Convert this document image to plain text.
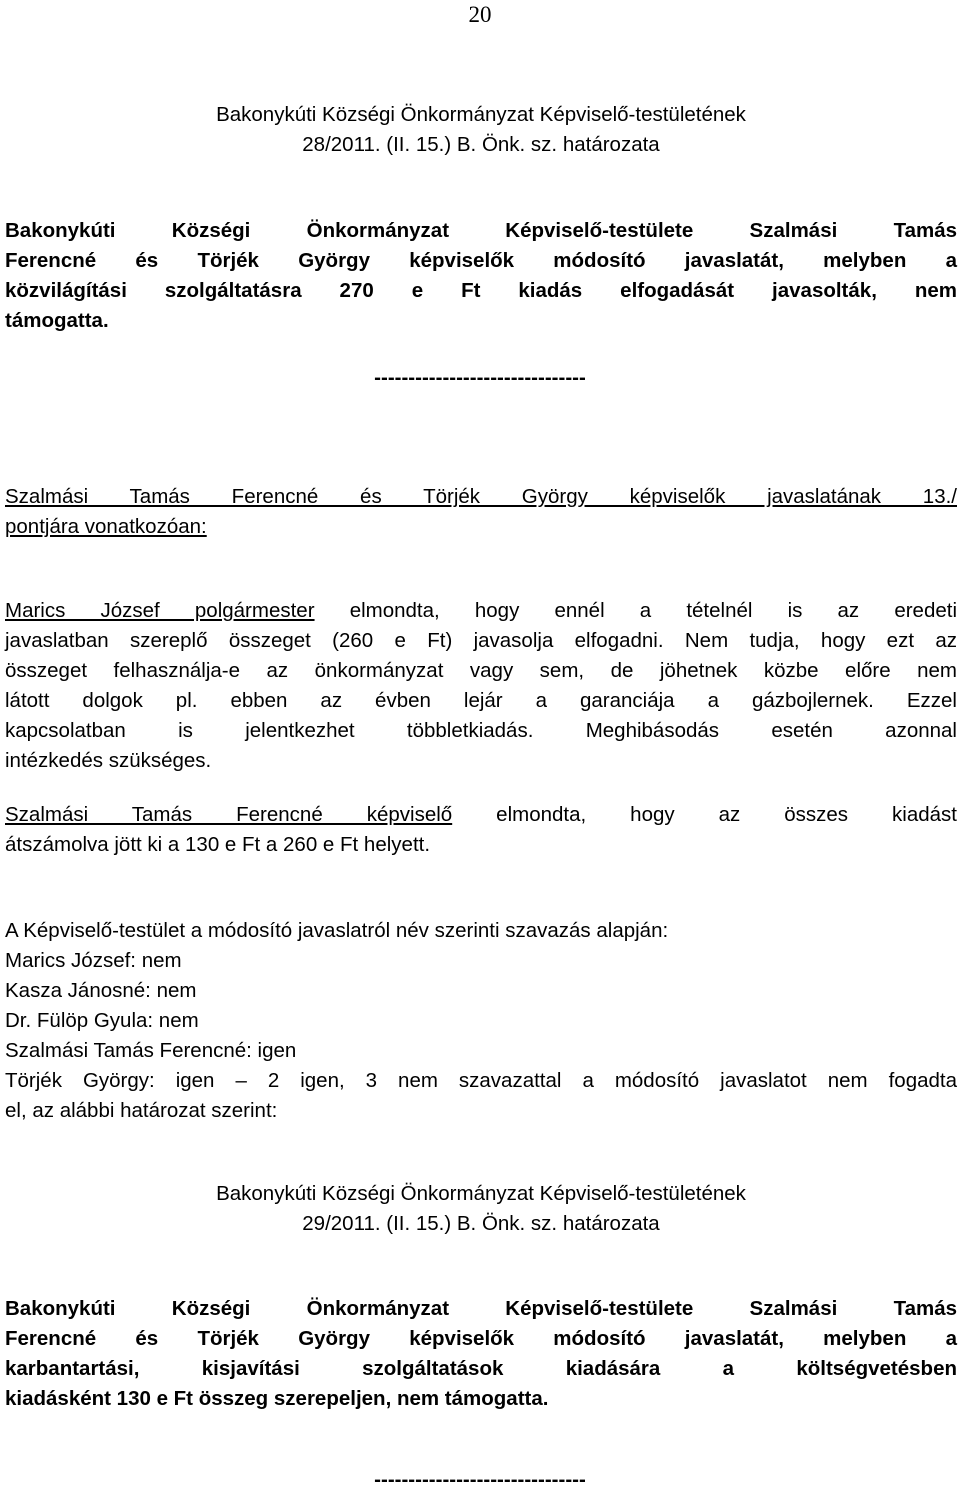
20
Bakonykúti Községi Önkormányzat Képviselő-testületének
28/2011. (II. 15.) B. Önk. sz. határozata
Bakonykúti Községi Önkormányzat Képviselő-testülete Szalmási Tamás
Ferencné és Törjék György képviselők módosító javaslatát, melyben a
közvilágítási szolgáltatásra 270 e Ft kiadás elfogadását javasolták, nem
támogatta.
-------------------------------
Szalmási Tamás Ferencné és Törjék György képviselők javaslatának 13./
pontjára vonatkozóan:
Marics József polgármester elmondta, hogy ennél a tételnél is az eredeti
javaslatban szereplő összeget (260 e Ft) javasolja elfogadni. Nem tudja, hogy ezt az
összeget felhasználja-e az önkormányzat vagy sem, de jöhetnek közbe előre nem
látott dolgok pl. ebben az évben lejár a garanciája a gázbojlernek. Ezzel
kapcsolatban is jelentkezhet többletkiadás. Meghibásodás esetén azonnal
intézkedés szükséges.
Szalmási Tamás Ferencné képviselő elmondta, hogy az összes kiadást
átszámolva jött ki a 130 e Ft a 260 e Ft helyett.
A Képviselő-testület a módosító javaslatról név szerinti szavazás alapján:
Marics József: nem
Kasza Jánosné: nem
Dr. Fülöp Gyula: nem
Szalmási Tamás Ferencné: igen
Törjék György: igen – 2 igen, 3 nem szavazattal a módosító javaslatot nem fogadta
el, az alábbi határozat szerint:
Bakonykúti Községi Önkormányzat Képviselő-testületének
29/2011. (II. 15.) B. Önk. sz. határozata
Bakonykúti Községi Önkormányzat Képviselő-testülete Szalmási Tamás
Ferencné és Törjék György képviselők módosító javaslatát, melyben a
karbantartási, kisjavítási szolgáltatások kiadására a költségvetésben
kiadásként 130 e Ft összeg szerepeljen, nem támogatta.
-------------------------------
